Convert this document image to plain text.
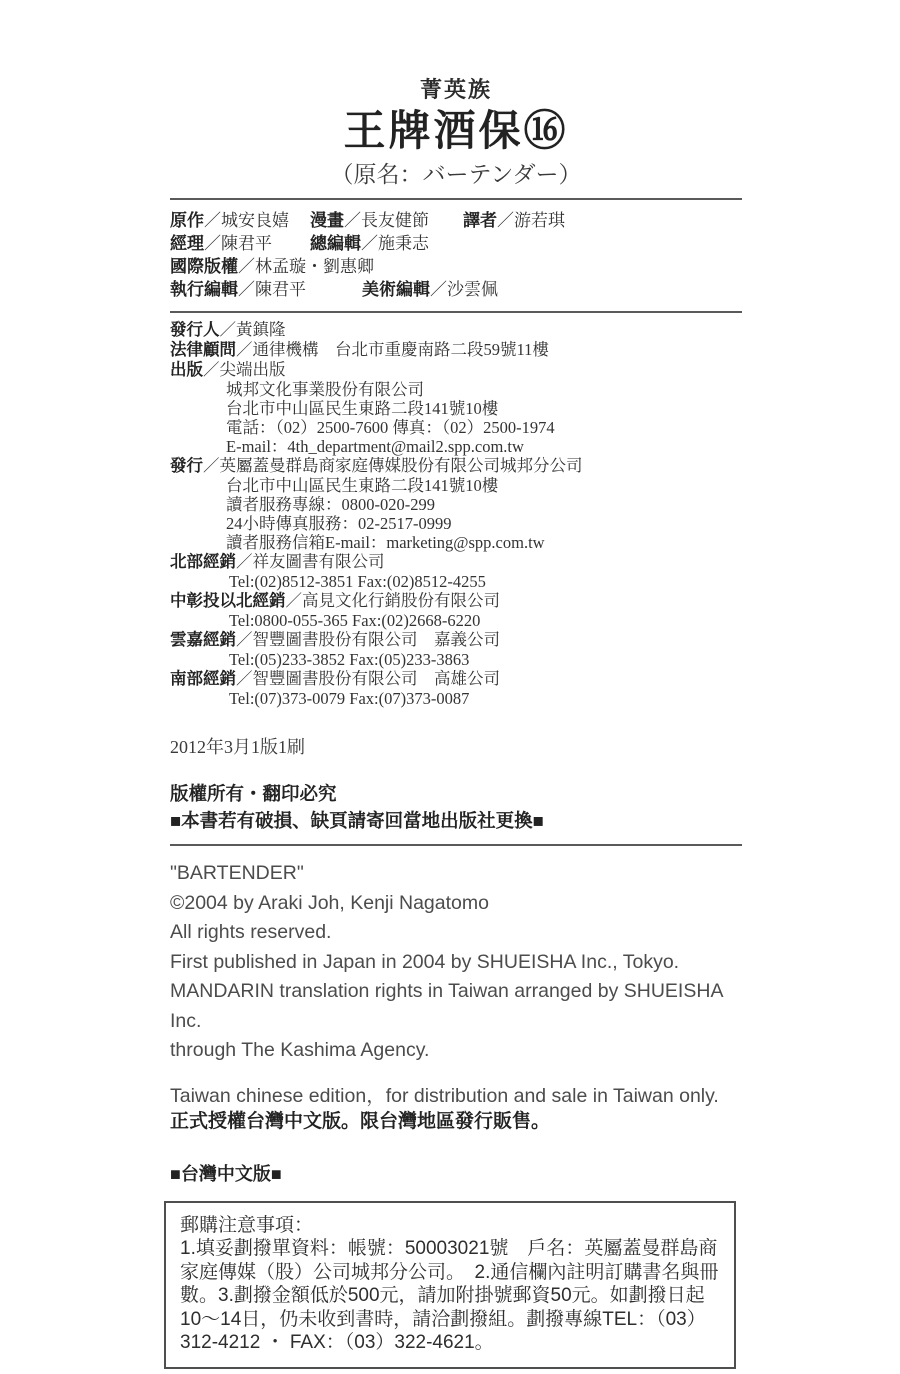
菁英族
王牌酒保⑯
（原名：バーテンダー）
原作／城安良嬉	漫畫／長友健節	譯者／游若琪
經理／陳君平	總編輯／施秉志
國際版權／林孟璇・劉惠卿
執行編輯／陳君平	美術編輯／沙雲佩
發行人／黃鎮隆
法律顧問／通律機構　台北市重慶南路二段59號11樓
出版／尖端出版
城邦文化事業股份有限公司
台北市中山區民生東路二段141號10樓
電話：（02）2500-7600 傳真：（02）2500-1974
E-mail：4th_department@mail2.spp.com.tw
發行／英屬蓋曼群島商家庭傳媒股份有限公司城邦分公司
台北市中山區民生東路二段141號10樓
讀者服務專線：0800-020-299
24小時傳真服務：02-2517-0999
讀者服務信箱E-mail：marketing@spp.com.tw
北部經銷／祥友圖書有限公司
Tel:(02)8512-3851 Fax:(02)8512-4255
中彰投以北經銷／高見文化行銷股份有限公司
Tel:0800-055-365 Fax:(02)2668-6220
雲嘉經銷／智豐圖書股份有限公司　嘉義公司
Tel:(05)233-3852 Fax:(05)233-3863
南部經銷／智豐圖書股份有限公司　高雄公司
Tel:(07)373-0079 Fax:(07)373-0087
2012年3月1版1刷
版權所有・翻印必究
■本書若有破損、缺頁請寄回當地出版社更換■
"BARTENDER"
©2004 by Araki Joh, Kenji Nagatomo
All rights reserved.
First published in Japan in 2004 by SHUEISHA Inc., Tokyo.
MANDARIN translation rights in Taiwan arranged by SHUEISHA Inc.
through The Kashima Agency.
Taiwan chinese edition，for distribution and sale in Taiwan only.
正式授權台灣中文版。限台灣地區發行販售。
■台灣中文版■
郵購注意事項：
1.填妥劃撥單資料：帳號：50003021號　戶名：英屬蓋曼群島商
家庭傳媒（股）公司城邦分公司。　2.通信欄內註明訂購書名與冊
數。3.劃撥金額低於500元，請加附掛號郵資50元。如劃撥日起
10～14日，仍未收到書時，請洽劃撥組。劃撥專線TEL：（03）
312-4212 ・ FAX：（03）322-4621。
